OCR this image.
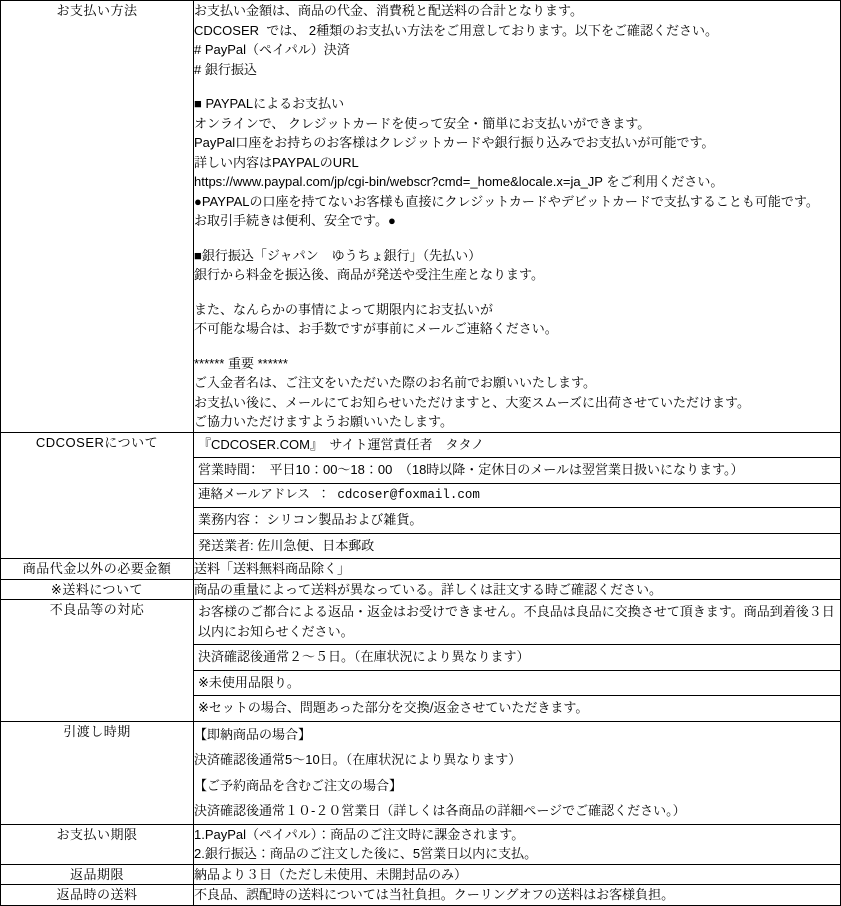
お支払い方法	お支払い金額は、商品の代金、消費税と配送料の合計となります。
CDCOSER  では、 2種類のお支払い方法をご用意しております。以下をご確認ください。
# PayPal（ペイパル）決済
# 銀行振込
■ PAYPALによるお支払い
オンラインで、 クレジットカードを使って安全・簡単にお支払いができます。
PayPal口座をお持ちのお客様はクレジットカードや銀行振り込みでお支払いが可能です。
詳しい内容はPAYPALのURL
https://www.paypal.com/jp/cgi-bin/webscr?cmd=_home&locale.x=ja_JP をご利用ください。
●PAYPALの口座を持てないお客様も直接にクレジットカードやデビットカードで支払することも可能です。
お取引手続きは便利、安全です。●
■銀行振込「ジャパン　ゆうちょ銀行」（先払い）
銀行から料金を振込後、商品が発送や受注生産となります。
また、なんらかの事情によって期限内にお支払いが
不可能な場合は、お手数ですが事前にメールご連絡ください。
****** 重要 ******
ご入金者名は、ご注文をいただいた際のお名前でお願いいたします。
お支払い後に、メールにてお知らせいただけますと、大変スムーズに出荷させていただけます。
ご協力いただけますようお願いいたします。

CDCOSERについて	『CDCOSER.COM』　サイト運営責任者　タタノ
営業時間：　平日10：00～18：00　（18時以降・定休日のメールは翌営業日扱いになります。）
連絡メールアドレス ： cdcoser@foxmail.com
業務内容： シリコン製品および雑貨。
発送業者: 佐川急便、日本郵政

商品代金以外の必要金額	送料「送料無料商品除く」

※送料について	商品の重量によって送料が異なっている。詳しくは註文する時ご確認ください。

不良品等の対応	お客様のご都合による返品・返金はお受けできません。不良品は良品に交換させて頂きます。商品到着後３日以内にお知らせください。
決済確認後通常２～５日。（在庫状況により異なります）
※未使用品限り。
※セットの場合、問題あった部分を交換/返金させていただきます。

引渡し時期	【即納商品の場合】
決済確認後通常5～10日。（在庫状況により異なります）
【ご予約商品を含むご注文の場合】
決済確認後通常１０-２０営業日（詳しくは各商品の詳細ページでご確認ください。）

お支払い期限	1.PayPal（ペイパル）：商品のご注文時に課金されます。
2.銀行振込：商品のご注文した後に、5営業日以内に支払。

返品期限	納品より３日（ただし未使用、未開封品のみ）

返品時の送料	不良品、誤配時の送料については当社負担。クーリングオフの送料はお客様負担。
